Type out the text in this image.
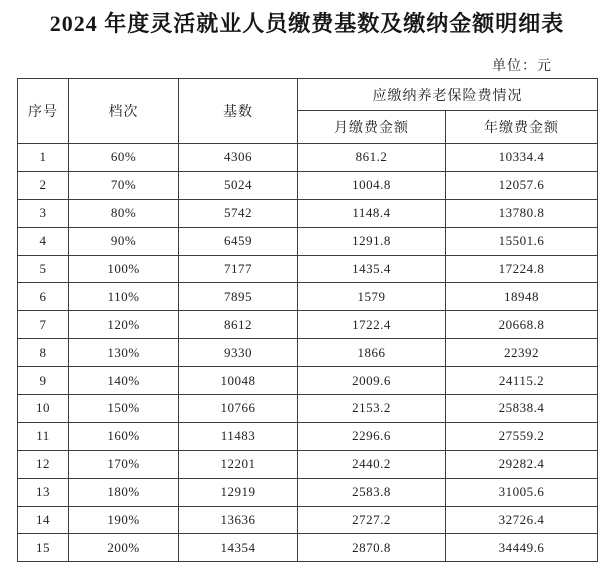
2024 年度灵活就业人员缴费基数及缴纳金额明细表
单位：元
序号	档次	基数	应缴纳养老保险费情况	
			月缴费金额	年缴费金额
1	60%	4306	861.2	10334.4
2	70%	5024	1004.8	12057.6
3	80%	5742	1148.4	13780.8
4	90%	6459	1291.8	15501.6
5	100%	7177	1435.4	17224.8
6	110%	7895	1579	18948
7	120%	8612	1722.4	20668.8
8	130%	9330	1866	22392
9	140%	10048	2009.6	24115.2
10	150%	10766	2153.2	25838.4
11	160%	11483	2296.6	27559.2
12	170%	12201	2440.2	29282.4
13	180%	12919	2583.8	31005.6
14	190%	13636	2727.2	32726.4
15	200%	14354	2870.8	34449.6
